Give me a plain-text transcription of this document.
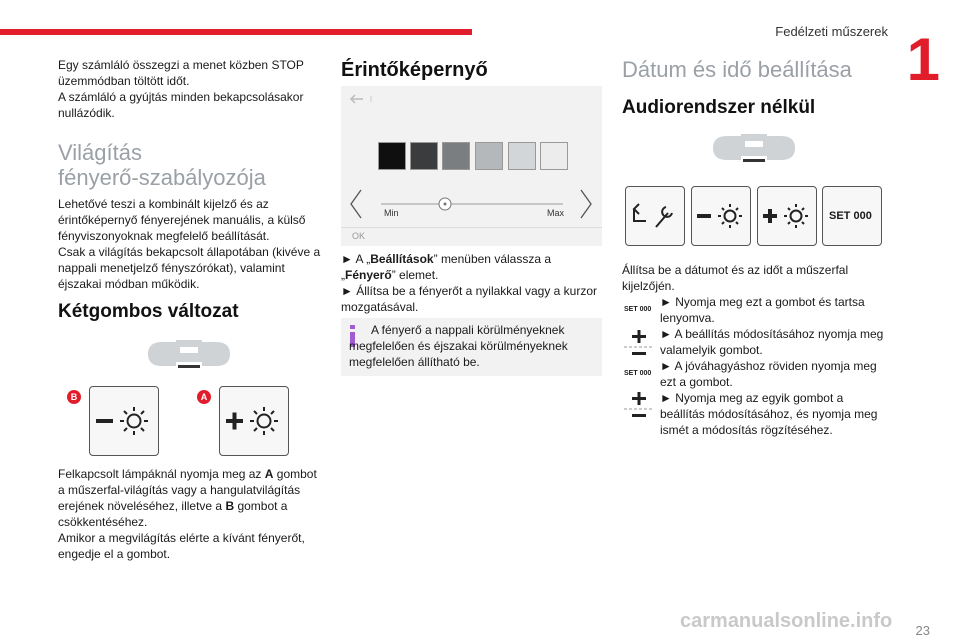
Fedélzeti műszerek 1

Egy számláló összegzi a menet közben STOP üzemmódban töltött időt.

A számláló a gyújtás minden bekapcsolásakor nullázódik.

Világítás

fényerő-szabályozója

Lehetővé teszi a kombinált kijelző és az érintőképernyő fényerejének manuális, a külső fényviszonyoknak megfelelő beállítását.

Csak a világítás bekapcsolt állapotában (kivéve a nappali menetjelző fényszórókat), valamint éjszakai módban működik.

Kétgombos változat

B	A

Felkapcsolt lámpáknál nyomja meg az A gombot a műszerfal-világítás vagy a hangulatvilágítás erejének növeléséhez, illetve a B gombot a csökkentéséhez.

Amikor a megvilágítás elérte a kívánt fényerőt, engedje el a gombot.

Érintőképernyő

Min	Max
OK

► A „Beállítások” menüben válassza a „Fényerő” elemet.

► Állítsa be a fényerőt a nyilakkal vagy a kurzor mozgatásával.

A fényerő a nappali körülményeknek megfelelően és éjszakai körülményeknek megfelelően állítható be.

Dátum és idő beállítása

Audiorendszer nélkül

SET 000
Állítsa be a dátumot és az időt a műszerfal kijelzőjén.
SET 000
► Nyomja meg ezt a gombot és tartsa lenyomva.
► A beállítás módosításához nyomja meg valamelyik gombot.
SET 000
► A jóváhagyáshoz röviden nyomja meg ezt a gombot.
► Nyomja meg az egyik gombot a beállítás módosításához, és nyomja meg ismét a módosítás rögzítéséhez.
carmanualsonline.info 23
